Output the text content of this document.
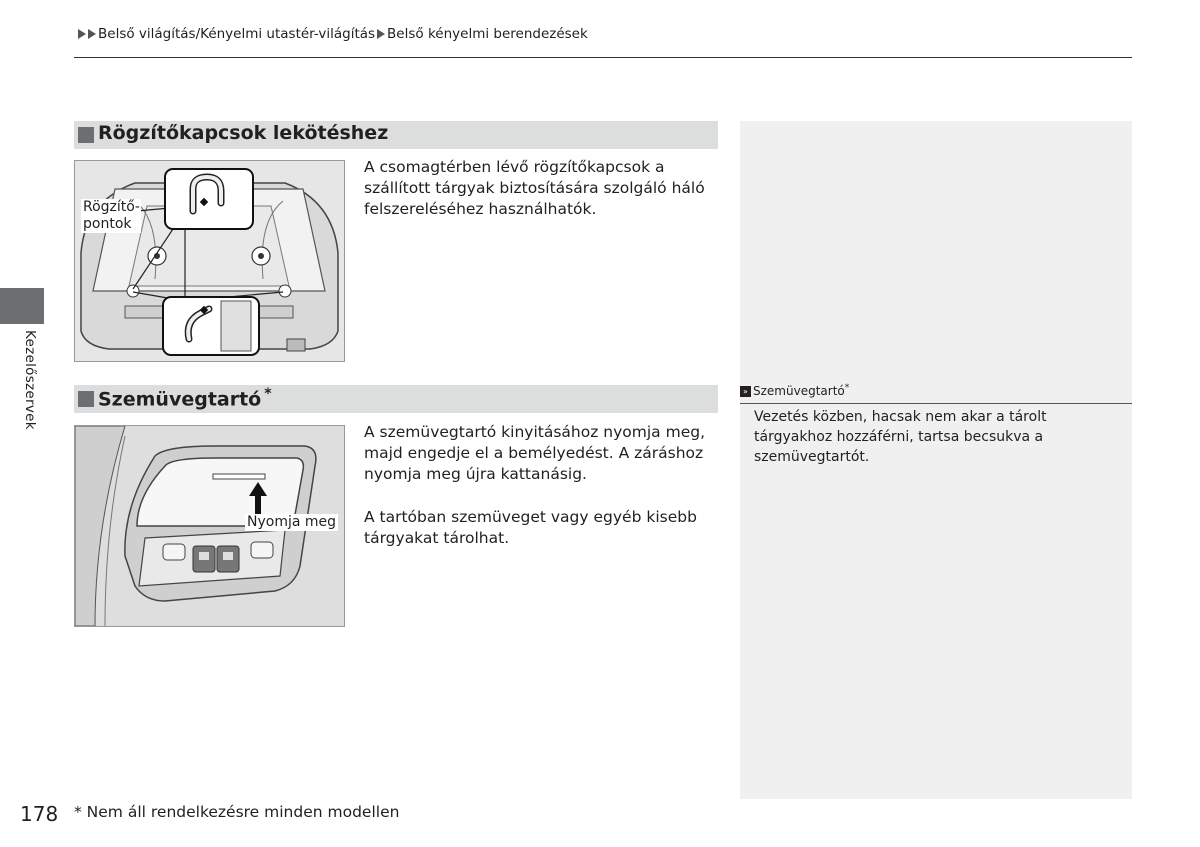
Belső világítás/Kényelmi utastér-világítás Belső kényelmi berendezések
Kezelőszervek
Rögzítőkapcsok lekötéshez
Rögzítő-
pontok

A csomagtérben lévő rögzítőkapcsok a szállított tárgyak biztosítására szolgáló háló felszereléséhez használhatók.

Szemüvegtartó *
Nyomja meg

A szemüvegtartó kinyitásához nyomja meg, majd engedje el a bemélyedést. A záráshoz nyomja meg újra kattanásig.

A tartóban szemüveget vagy egyéb kisebb tárgyakat tárolhat.

» Szemüvegtartó*
Vezetés közben, hacsak nem akar a tárolt tárgyakhoz hozzáférni, tartsa becsukva a szemüvegtartót.
178 * Nem áll rendelkezésre minden modellen
